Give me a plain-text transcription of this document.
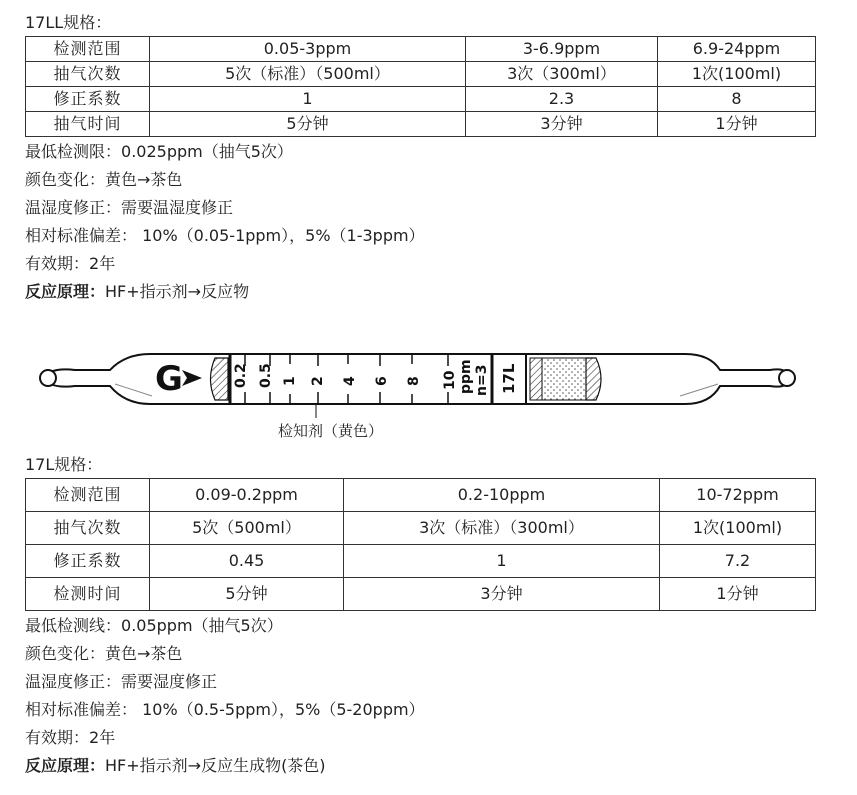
17LL规格：
检测范围	0.05-3ppm	3-6.9ppm	6.9-24ppm
抽气次数	5次（标准）（500ml）	3次（300ml）	1次(100ml)
修正系数	1	2.3	8
抽气时间	5分钟	3分钟	1分钟
最低检测限：0.025ppm（抽气5次）
颜色变化：黄色→茶色
温湿度修正：需要温湿度修正
相对标准偏差： 10%（0.05-1ppm），5%（1-3ppm）
有效期：2年
反应原理：HF+指示剂→反应物
G	0.2 0.5 1 2 4 6 8 10 ppm n=3 17L
检知剂（黄色）
17L规格：
检测范围	0.09-0.2ppm	0.2-10ppm	10-72ppm
抽气次数	5次（500ml）	3次（标准）（300ml）	1次(100ml)
修正系数	0.45	1	7.2
检测时间	5分钟	3分钟	1分钟
最低检测线：0.05ppm（抽气5次）
颜色变化：黄色→茶色
温湿度修正：需要湿度修正
相对标准偏差： 10%（0.5-5ppm），5%（5-20ppm）
有效期：2年
反应原理：HF+指示剂→反应生成物(茶色)
